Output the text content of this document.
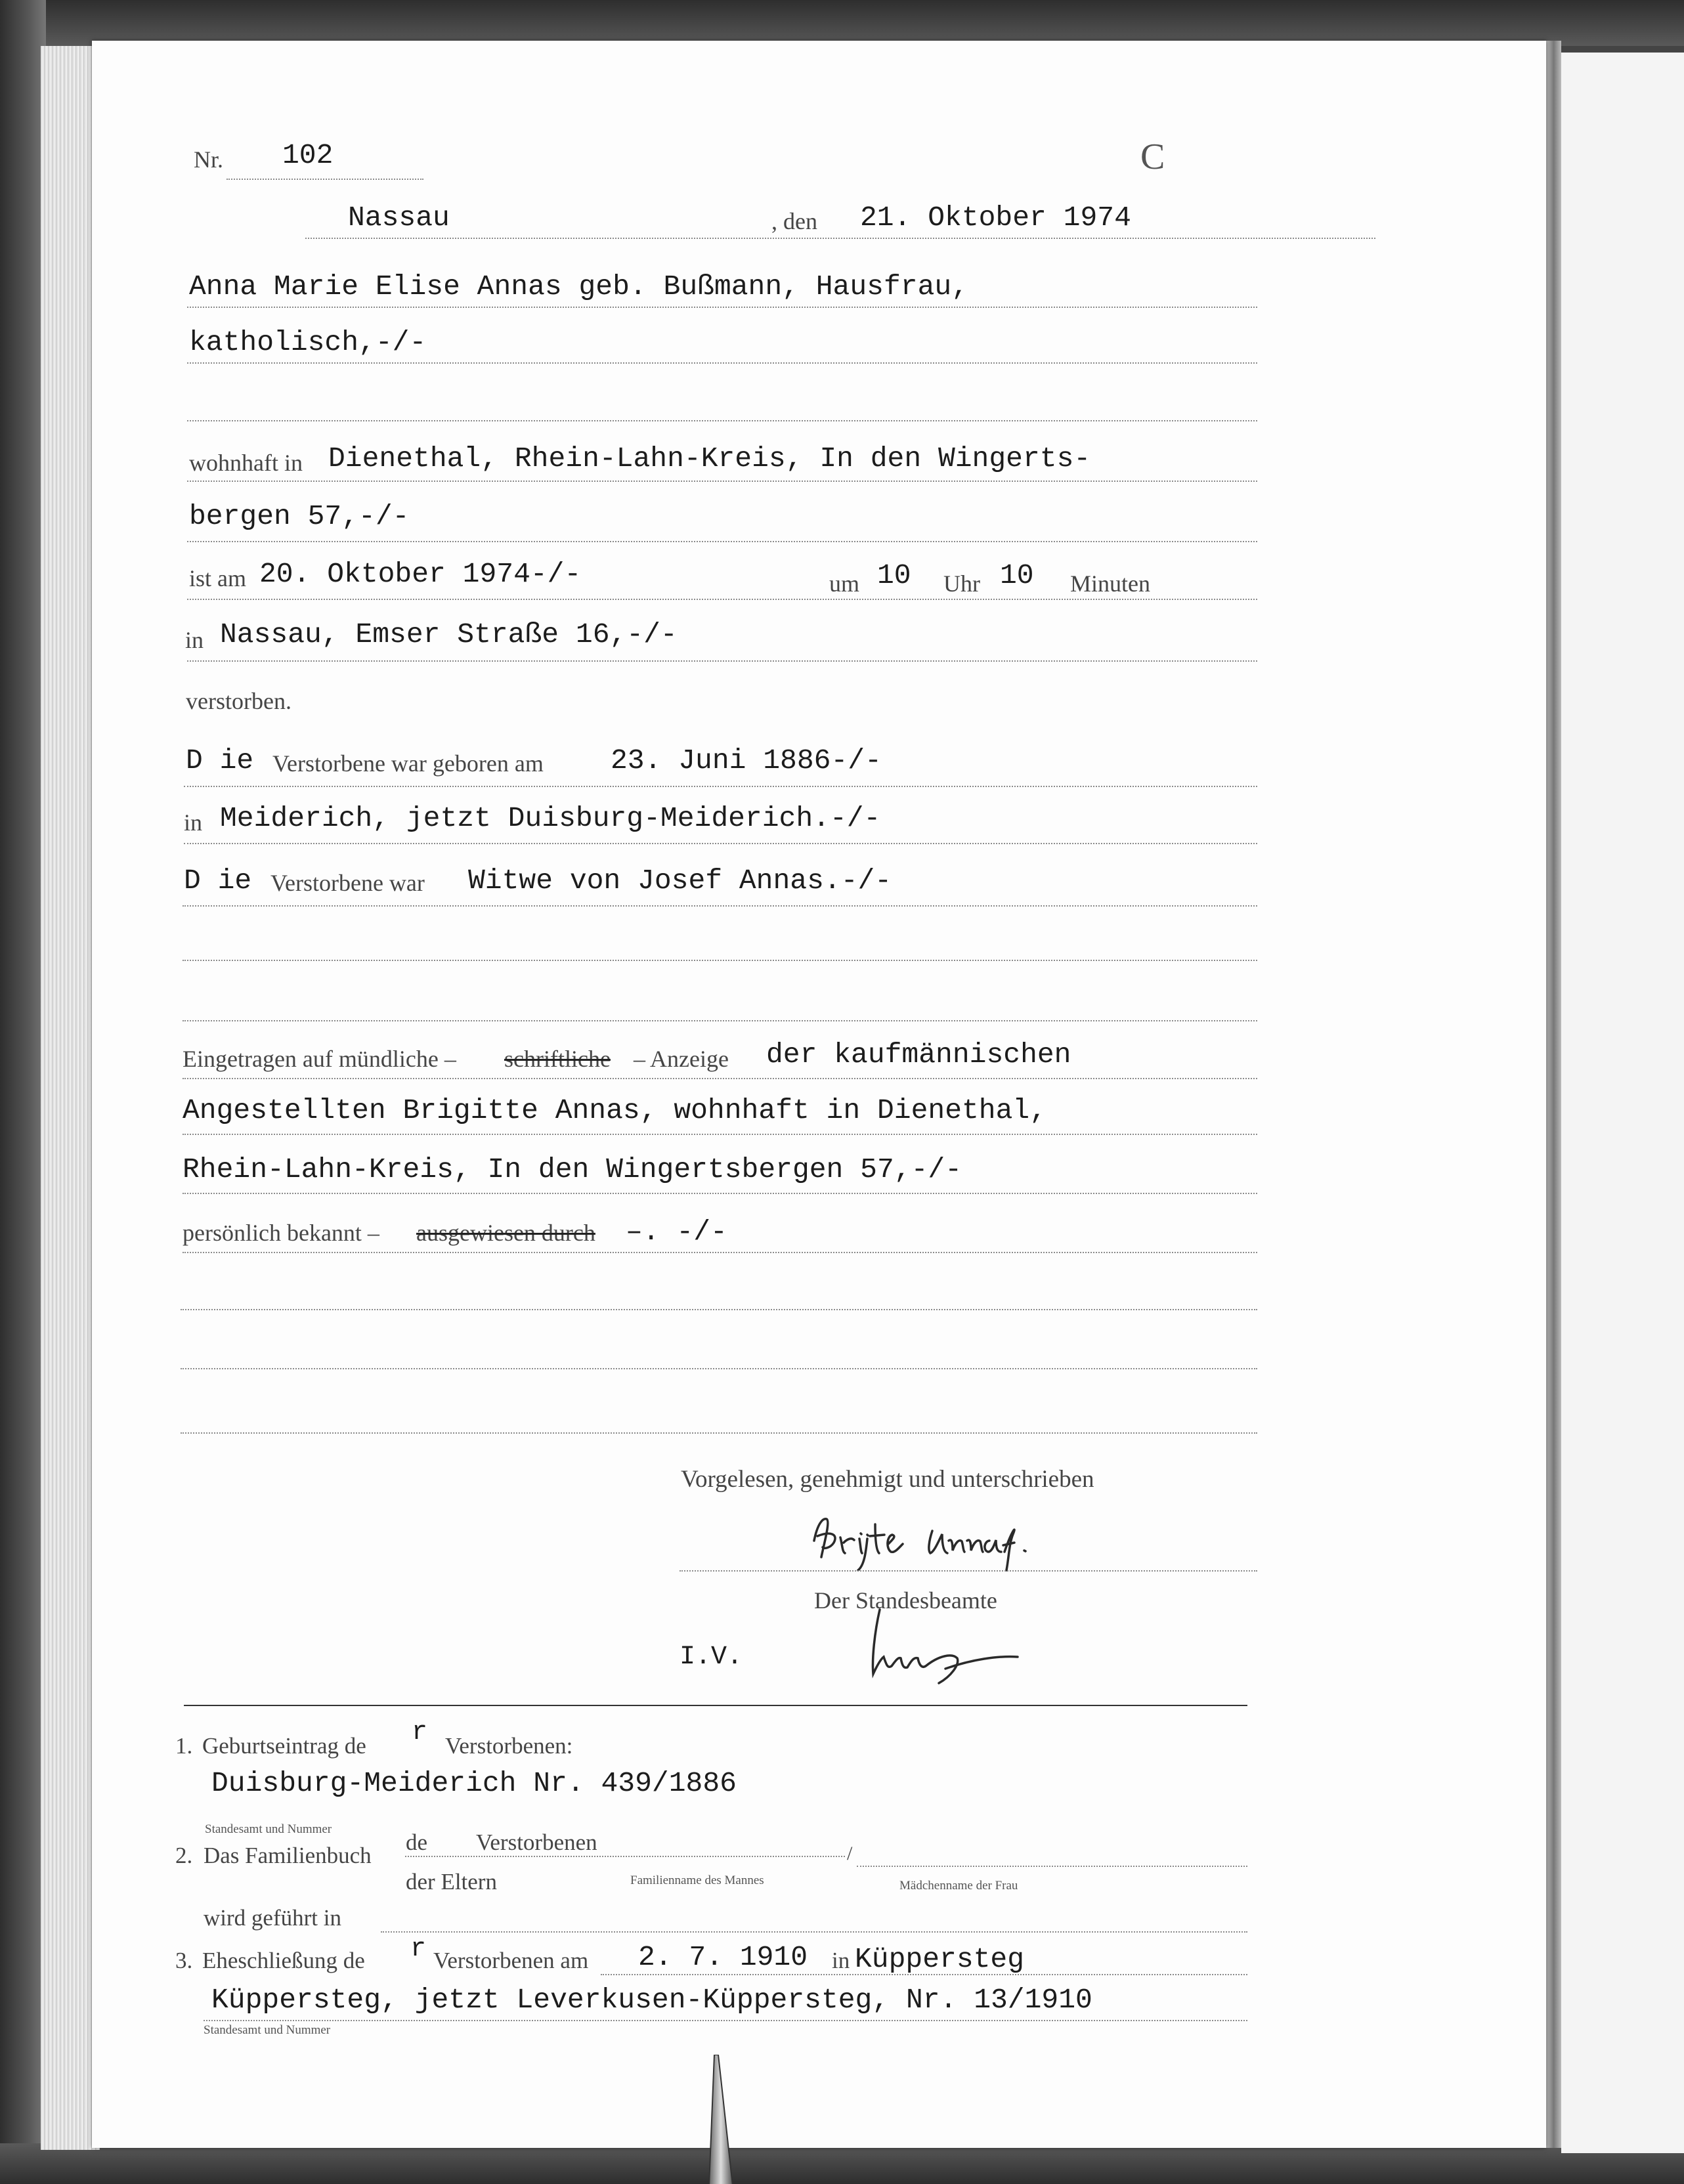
Nr. 102	C
Nassau	, den 21. Oktober 1974
Anna Marie Elise Annas geb. Bußmann, Hausfrau,
katholisch,-/-
wohnhaft in Dienethal, Rhein-Lahn-Kreis, In den Wingerts-
bergen 57,-/-
ist am 20. Oktober 1974-/-	um 10 Uhr 10 Minuten
in Nassau, Emser Straße 16,-/-
verstorben.
D ie Verstorbene war geboren am 23. Juni 1886-/-
in Meiderich, jetzt Duisburg-Meiderich.-/-
D ie Verstorbene war Witwe von Josef Annas.-/-
Eingetragen auf mündliche – schriftliche – Anzeige der kaufmännischen
Angestellten Brigitte Annas, wohnhaft in Dienethal,
Rhein-Lahn-Kreis, In den Wingertsbergen 57,-/-
persönlich bekannt – ausgewiesen durch –. -/-
Vorgelesen, genehmigt und unterschrieben
Der Standesbeamte
I.V.
1. Geburtseintrag de r Verstorbenen:
Duisburg-Meiderich Nr. 439/1886
Standesamt und Nummer
2. Das Familienbuch
de Verstorbenen	/
der Eltern	Familienname des Mannes	Mädchenname der Frau
wird geführt in
3. Eheschließung de r Verstorbenen am 2. 7. 1910 in Küppersteg
Küppersteg, jetzt Leverkusen-Küppersteg, Nr. 13/1910
Standesamt und Nummer
